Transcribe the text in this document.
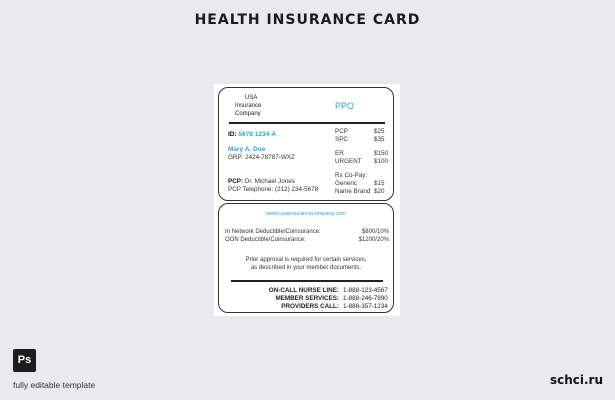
HEALTH INSURANCE CARD
USA
Insurance
Company
PPO
ID: 5678 1234-A
Mary A. Doe
GRP: 2424-78787-WXZ
PCP: Dr. Michael Jones
PCP Telephone: (212) 234-5678
PCP	$25
SPC	$35
ER	$150
URGENT $100
Rx Co-Pay:
Generic	$15
Name Brand $20
www.usainsurancecompany.com
In Network Deductible/Coinsurance:	$800/10%
OON Deductible/Coinsurance:	$1200/20%
Prior approval is required for certain services,
as described in your member documents.
ON-CALL NURSE LINE: 1-888-123-4567
MEMBER SERVICES: 1-888-246-7890
PROVIDERS CALL: 1-888-357-1234
Ps
fully editable template	schci.ru
